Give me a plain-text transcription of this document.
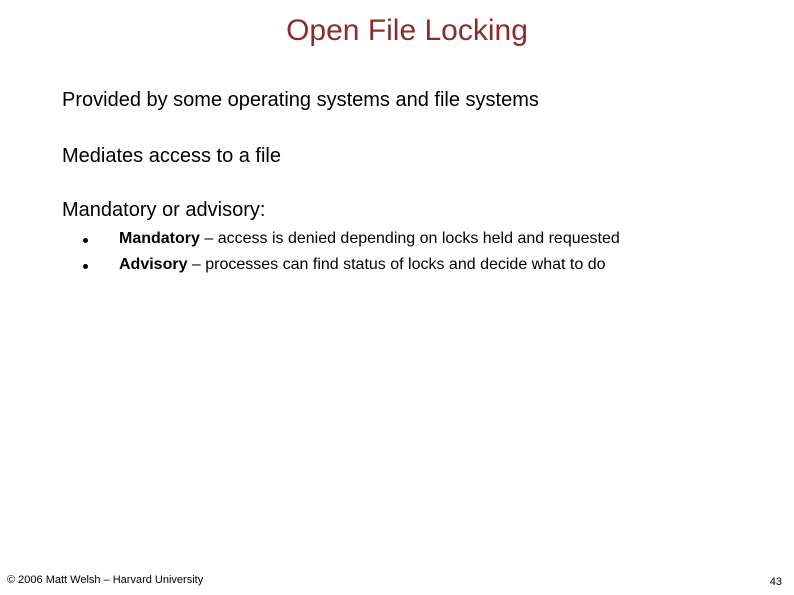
Open File Locking
Provided by some operating systems and file systems
Mediates access to a file
Mandatory or advisory:
Mandatory – access is denied depending on locks held and requested
Advisory – processes can find status of locks and decide what to do
© 2006 Matt Welsh – Harvard University	43
